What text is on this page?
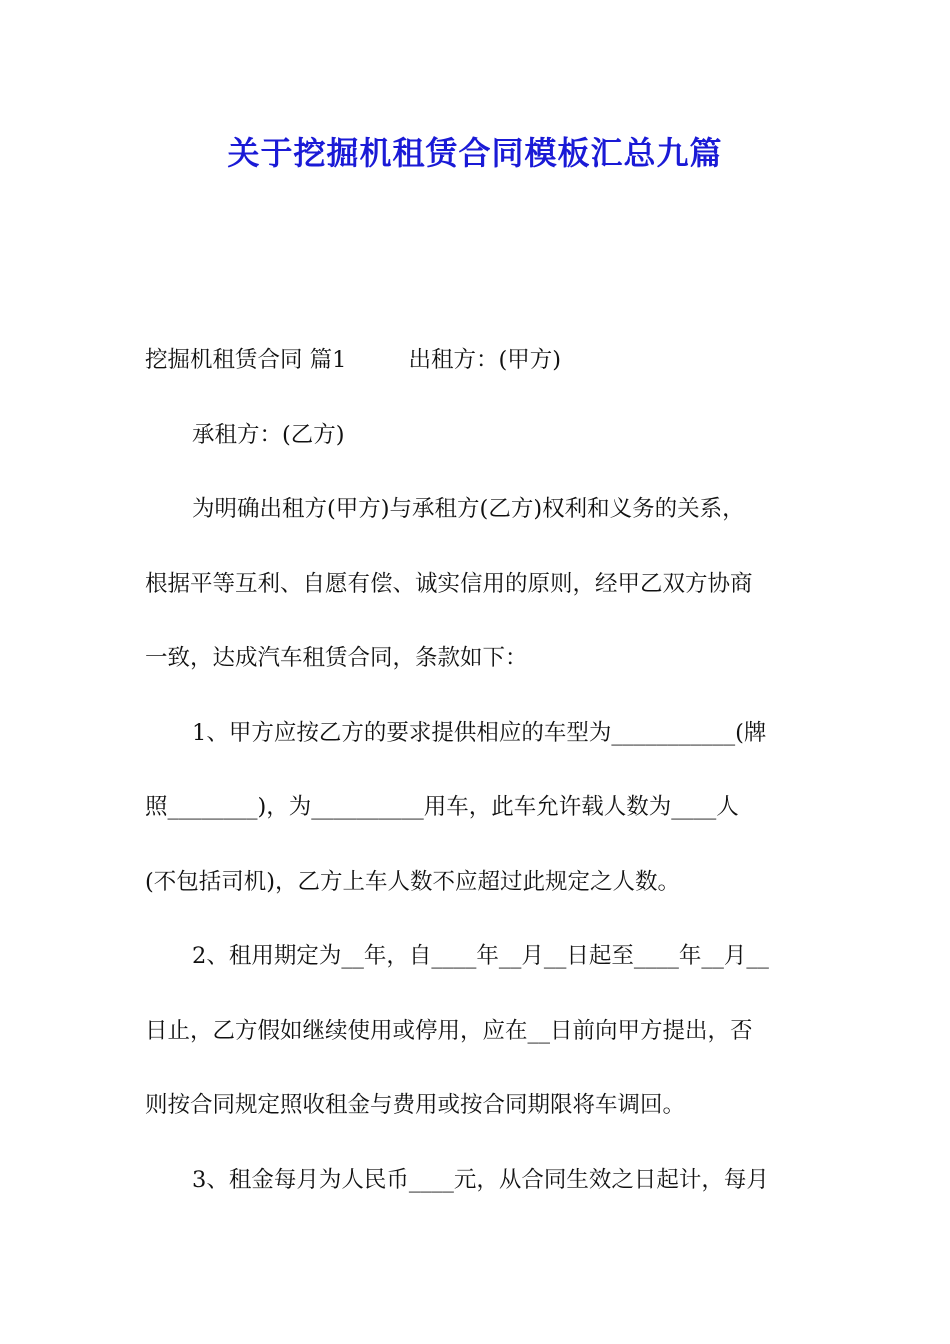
关于挖掘机租赁合同模板汇总九篇
挖掘机租赁合同 篇1	出租方：(甲方)
承租方：(乙方)
为明确出租方(甲方)与承租方(乙方)权利和义务的关系，
根据平等互利、自愿有偿、诚实信用的原则，经甲乙双方协商
一致，达成汽车租赁合同，条款如下：
1、甲方应按乙方的要求提供相应的车型为___________(牌
照________)，为__________用车，此车允许载人数为____人
(不包括司机)，乙方上车人数不应超过此规定之人数。
2、租用期定为__年，自____年__月__日起至____年__月__
日止，乙方假如继续使用或停用，应在__日前向甲方提出，否
则按合同规定照收租金与费用或按合同期限将车调回。
3、租金每月为人民币____元，从合同生效之日起计，每月
